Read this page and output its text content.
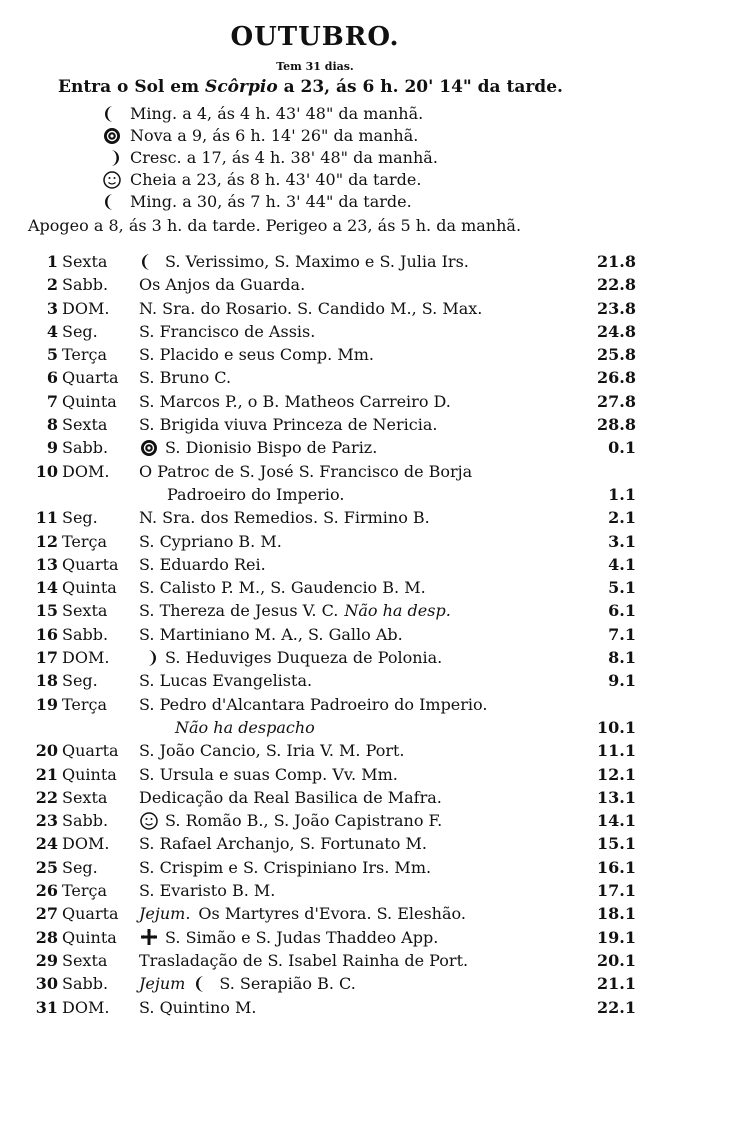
OUTUBRO.
Tem 31 dias.
Entra o Sol em Scôrpio a 23, ás 6 h. 20' 14" da tarde.
Ming. a 4, ás 4 h. 43' 48" da manhã.
Nova a 9, ás 6 h. 14' 26" da manhã.
Cresc. a 17, ás 4 h. 38' 48" da manhã.
Cheia a 23, ás 8 h. 43' 40" da tarde.
Ming. a 30, ás 7 h. 3' 44" da tarde.
Apogeo a 8, ás 3 h. da tarde. Perigeo a 23, ás 5 h. da manhã.
1 Sexta	S. Verissimo, S. Maximo e S. Julia Irs.	21.8
2 Sabb. Os Anjos da Guarda.	22.8
3 DOM. N. Sra. do Rosario. S. Candido M., S. Max.	23.8
4 Seg.	S. Francisco de Assis.	24.8
5 Terça S. Placido e seus Comp. Mm.	25.8
6 Quarta S. Bruno C.	26.8
7 Quinta S. Marcos P., o B. Matheos Carreiro D.	27.8
8 Sexta S. Brigida viuva Princeza de Nericia.	28.8
9 Sabb.	S. Dionisio Bispo de Pariz.	0.1
10 DOM. O Patroc de S. José S. Francisco de Borja
Padroeiro do Imperio.	1.1
11 Seg.	N. Sra. dos Remedios. S. Firmino B.	2.1
12 Terça S. Cypriano B. M.	3.1
13 Quarta S. Eduardo Rei.	4.1
14 Quinta S. Calisto P. M., S. Gaudencio B. M.	5.1
15 Sexta S. Thereza de Jesus V. C. Não ha desp.	6.1
16 Sabb. S. Martiniano M. A., S. Gallo Ab.	7.1
17 DOM.	S. Heduviges Duqueza de Polonia.	8.1
18 Seg.	S. Lucas Evangelista.	9.1
19 Terça S. Pedro d'Alcantara Padroeiro do Imperio.
Não ha despacho	10.1
20 Quarta S. João Cancio, S. Iria V. M. Port.	11.1
21 Quinta S. Ursula e suas Comp. Vv. Mm.	12.1
22 Sexta Dedicação da Real Basilica de Mafra.	13.1
23 Sabb.	S. Romão B., S. João Capistrano F.	14.1
24 DOM. S. Rafael Archanjo, S. Fortunato M.	15.1
25 Seg.	S. Crispim e S. Crispiniano Irs. Mm.	16.1
26 Terça S. Evaristo B. M.	17.1
27 Quarta Jejum. Os Martyres d'Evora. S. Eleshão.	18.1
28 Quinta	S. Simão e S. Judas Thaddeo App.	19.1
29 Sexta Trasladação de S. Isabel Rainha de Port.	20.1
30 Sabb. Jejum S. Serapião B. C.	21.1
31 DOM. S. Quintino M.	22.1
